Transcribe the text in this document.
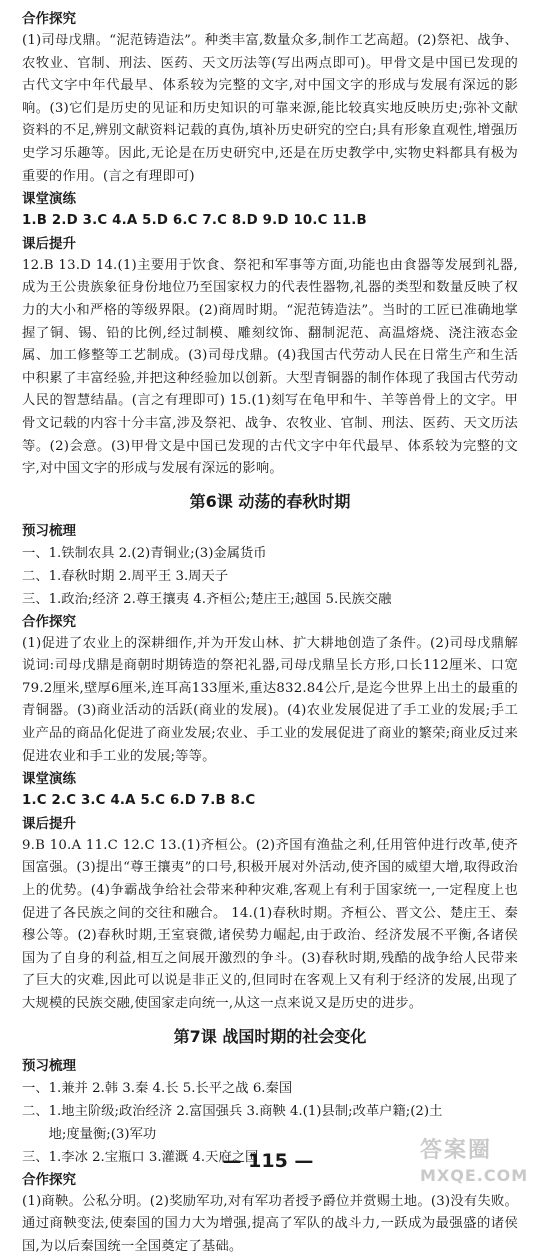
合作探究
(1)司母戊鼎。“泥范铸造法”。种类丰富,数量众多,制作工艺高超。(2)祭祀、战争、农牧业、官制、刑法、医药、天文历法等(写出两点即可)。甲骨文是中国已发现的古代文字中年代最早、体系较为完整的文字,对中国文字的形成与发展有深远的影响。(3)它们是历史的见证和历史知识的可靠来源,能比较真实地反映历史;弥补文献资料的不足,辨别文献资料记载的真伪,填补历史研究的空白;具有形象直观性,增强历史学习乐趣等。因此,无论是在历史研究中,还是在历史教学中,实物史料都具有极为重要的作用。(言之有理即可)
课堂演练
1.B 2.D 3.C 4.A 5.D 6.C 7.C 8.D 9.D 10.C 11.B
课后提升
12.B 13.D 14.(1)主要用于饮食、祭祀和军事等方面,功能也由食器等发展到礼器,成为王公贵族象征身份地位乃至国家权力的代表性器物,礼器的类型和数量反映了权力的大小和严格的等级界限。(2)商周时期。“泥范铸造法”。当时的工匠已准确地掌握了铜、锡、铅的比例,经过制模、雕刻纹饰、翻制泥范、高温熔烧、浇注液态金属、加工修整等工艺制成。(3)司母戊鼎。(4)我国古代劳动人民在日常生产和生活中积累了丰富经验,并把这种经验加以创新。大型青铜器的制作体现了我国古代劳动人民的智慧结晶。(言之有理即可) 15.(1)刻写在龟甲和牛、羊等兽骨上的文字。甲骨文记载的内容十分丰富,涉及祭祀、战争、农牧业、官制、刑法、医药、天文历法等。(2)会意。(3)甲骨文是中国已发现的古代文字中年代最早、体系较为完整的文字,对中国文字的形成与发展有深远的影响。
第6课 动荡的春秋时期
预习梳理
一、1.铁制农具 2.(2)青铜业;(3)金属货币
二、1.春秋时期 2.周平王 3.周天子
三、1.政治;经济 2.尊王攘夷 4.齐桓公;楚庄王;越国 5.民族交融
合作探究
(1)促进了农业上的深耕细作,并为开发山林、扩大耕地创造了条件。(2)司母戊鼎解说词:司母戊鼎是商朝时期铸造的祭祀礼器,司母戊鼎呈长方形,口长112厘米、口宽79.2厘米,壁厚6厘米,连耳高133厘米,重达832.84公斤,是迄今世界上出土的最重的青铜器。(3)商业活动的活跃(商业的发展)。(4)农业发展促进了手工业的发展;手工业产品的商品化促进了商业发展;农业、手工业的发展促进了商业的繁荣;商业反过来促进农业和手工业的发展;等等。
课堂演练
1.C 2.C 3.C 4.A 5.C 6.D 7.B 8.C
课后提升
9.B 10.A 11.C 12.C 13.(1)齐桓公。(2)齐国有渔盐之利,任用管仲进行改革,使齐国富强。(3)提出“尊王攘夷”的口号,积极开展对外活动,使齐国的威望大增,取得政治上的优势。(4)争霸战争给社会带来种种灾难,客观上有利于国家统一,一定程度上也促进了各民族之间的交往和融合。 14.(1)春秋时期。齐桓公、晋文公、楚庄王、秦穆公等。(2)春秋时期,王室衰微,诸侯势力崛起,由于政治、经济发展不平衡,各诸侯国为了自身的利益,相互之间展开激烈的争斗。(3)春秋时期,残酷的战争给人民带来了巨大的灾难,因此可以说是非正义的,但同时在客观上又有利于经济的发展,出现了大规模的民族交融,使国家走向统一,从这一点来说又是历史的进步。
第7课 战国时期的社会变化
预习梳理
一、1.兼并 2.韩 3.秦 4.长 5.长平之战 6.秦国
二、1.地主阶级;政治经济 2.富国强兵 3.商鞅 4.(1)县制;改革户籍;(2)土
　　地;度量衡;(3)军功
三、1.李冰 2.宝瓶口 3.灌溉 4.天府之国
合作探究
(1)商鞅。公私分明。(2)奖励军功,对有军功者授予爵位并赏赐土地。(3)没有失败。通过商鞅变法,使秦国的国力大为增强,提高了军队的战斗力,一跃成为最强盛的诸侯国,为以后秦国统一全国奠定了基础。
— 115 —	答案圈
MXQE.COM
